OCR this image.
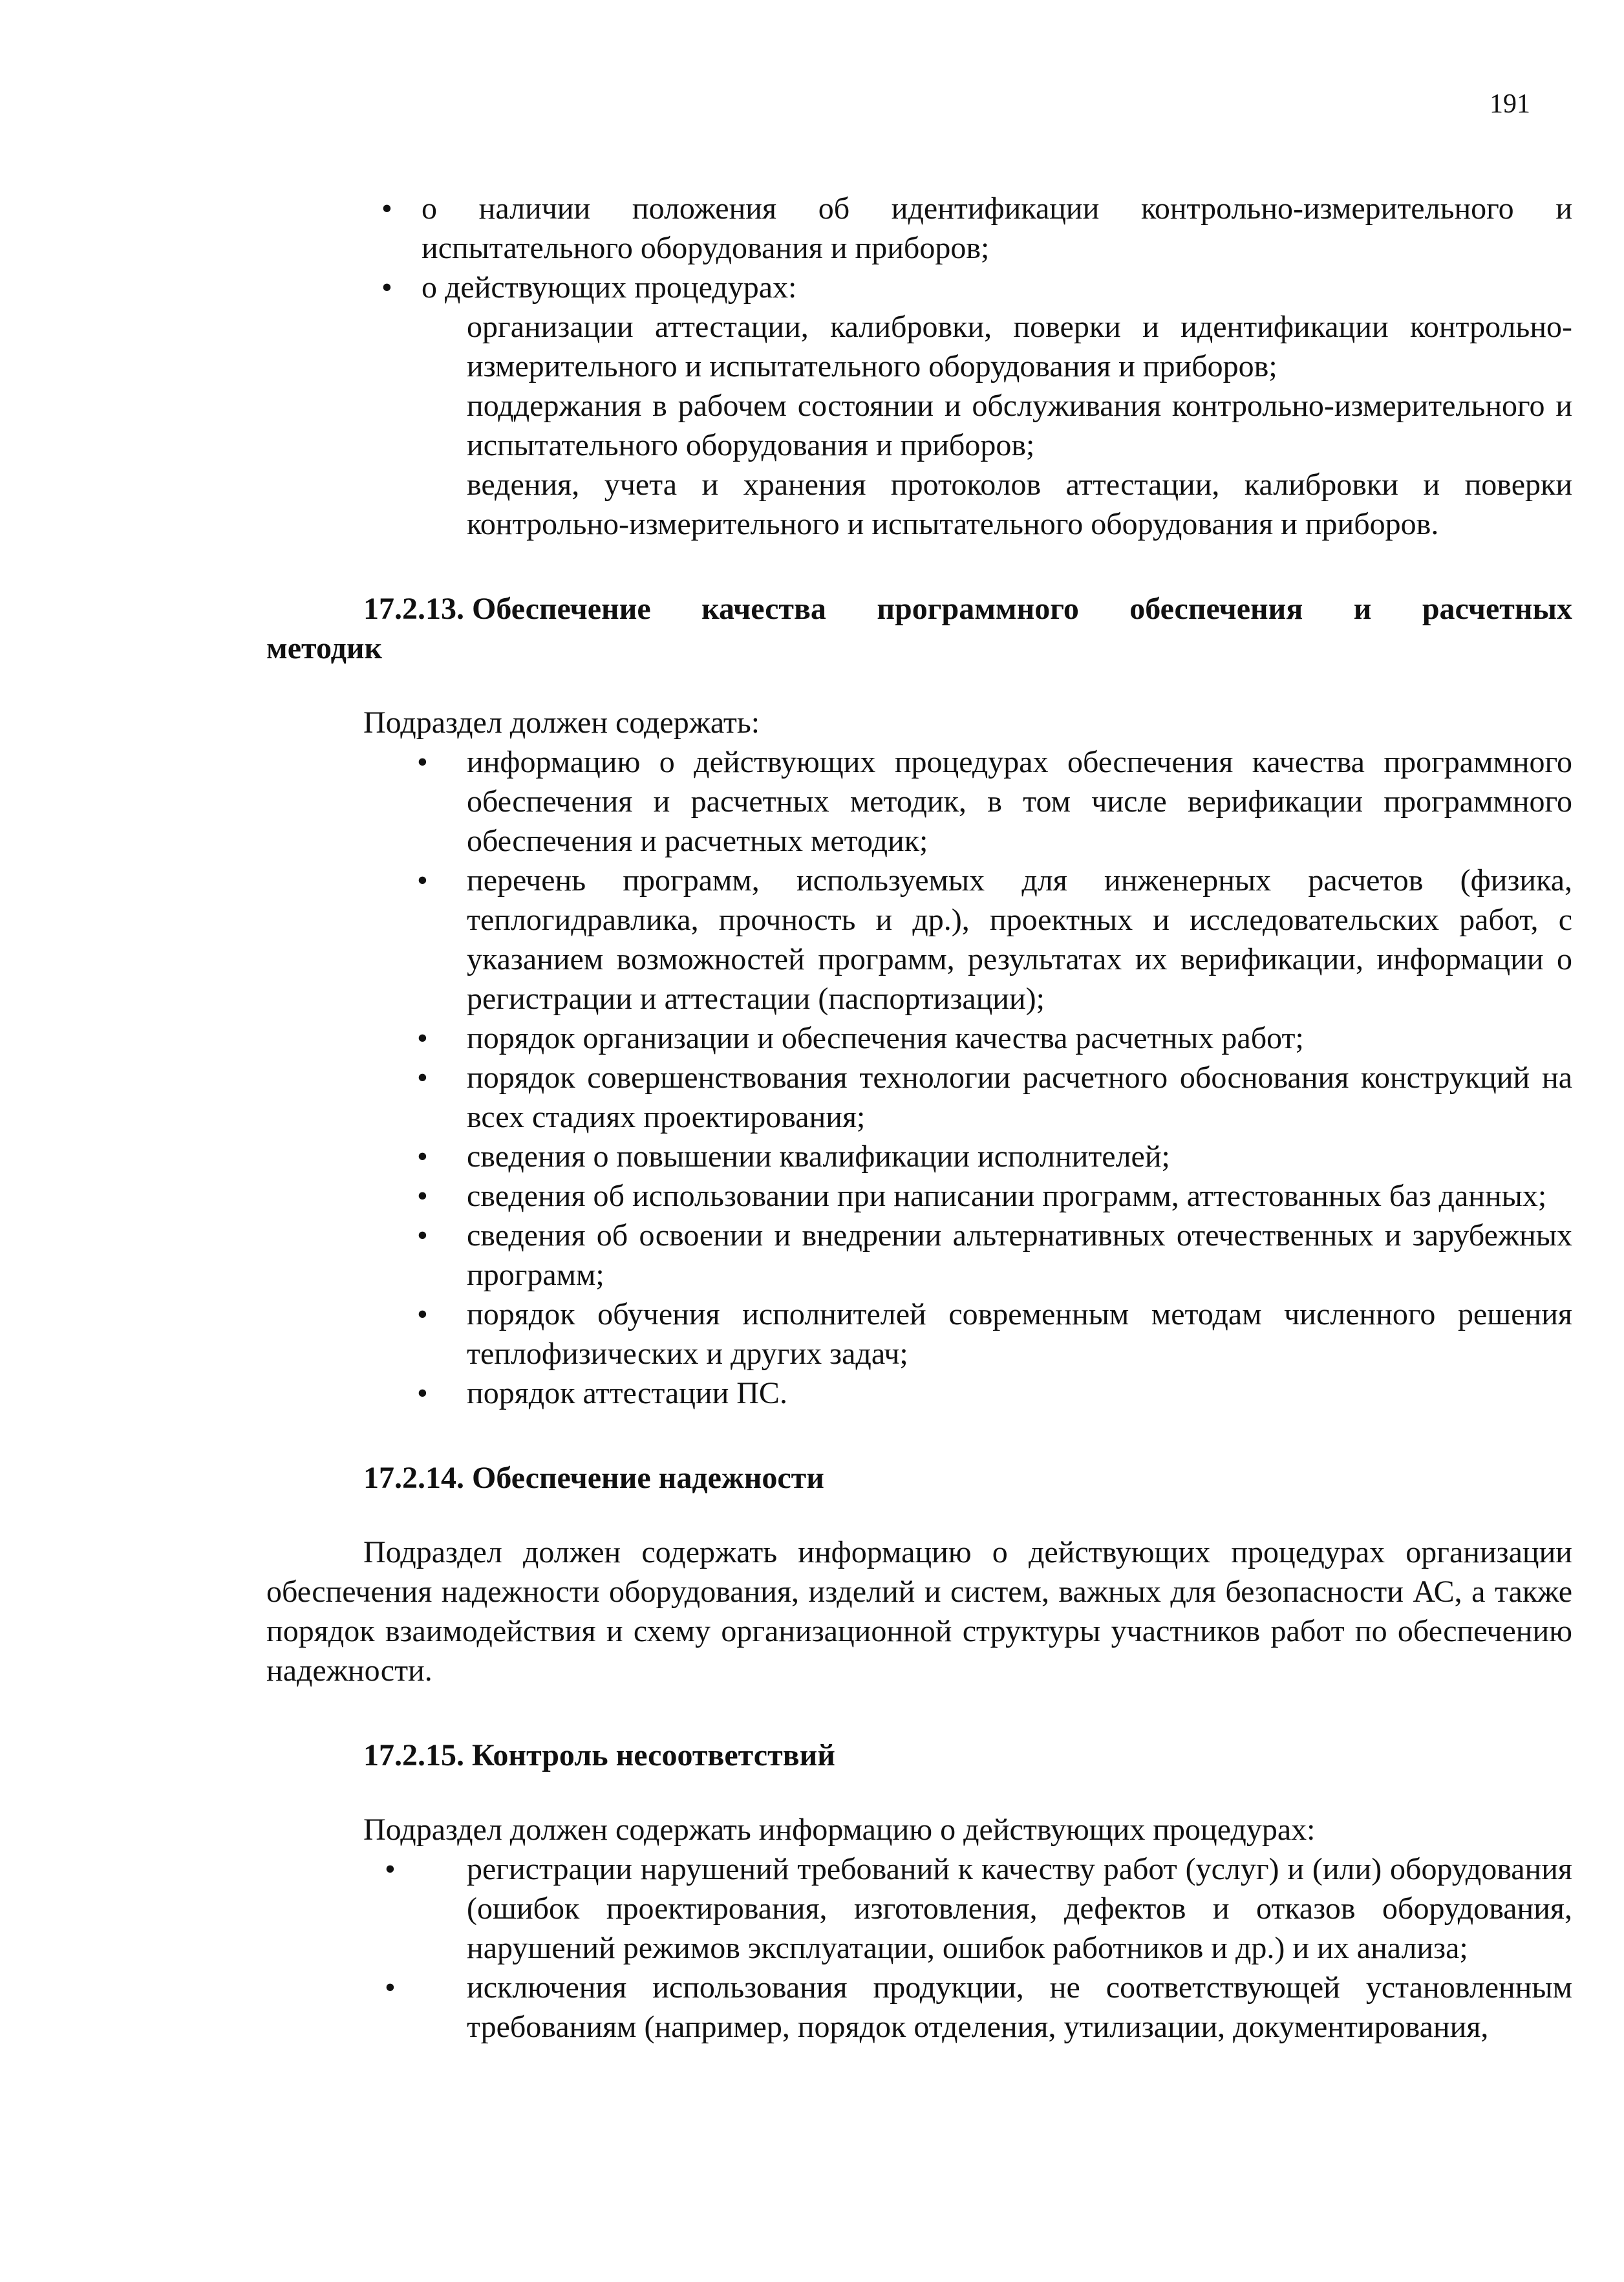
191
• о наличии положения об идентификации контрольно-измерительного и испытательного оборудования и приборов;
• о действующих процедурах:

организации аттестации, калибровки, поверки и идентификации контрольно-измерительного и испытательного оборудования и приборов;

поддержания в рабочем состоянии и обслуживания контрольно-измерительного и испытательного оборудования и приборов;

ведения, учета и хранения протоколов аттестации, калибровки и поверки контрольно-измерительного и испытательного оборудования и приборов.

17.2.13. Обеспечение качества программного обеспечения и расчетных
методик

Подраздел должен содержать:

• информацию о действующих процедурах обеспечения качества программного обеспечения и расчетных методик, в том числе верификации программного обеспечения и расчетных методик;
• перечень программ, используемых для инженерных расчетов (физика, теплогидравлика, прочность и др.), проектных и исследовательских работ, с указанием возможностей программ, результатах их верификации, информации о регистрации и аттестации (паспортизации);
• порядок организации и обеспечения качества расчетных работ;
• порядок совершенствования технологии расчетного обоснования конструкций на всех стадиях проектирования;
• сведения о повышении квалификации исполнителей;
• сведения об использовании при написании программ, аттестованных баз данных;
• сведения об освоении и внедрении альтернативных отечественных и зарубежных программ;
• порядок обучения исполнителей современным методам численного решения теплофизических и других задач;
• порядок аттестации ПС.

17.2.14. Обеспечение надежности

Подраздел должен содержать информацию о действующих процедурах организации обеспечения надежности оборудования, изделий и систем, важных для безопасности АС, а также порядок взаимодействия и схему организационной структуры участников работ по обеспечению надежности.

17.2.15. Контроль несоответствий

Подраздел должен содержать информацию о действующих процедурах:

• регистрации нарушений требований к качеству работ (услуг) и (или) оборудования (ошибок проектирования, изготовления, дефектов и отказов оборудования, нарушений режимов эксплуатации, ошибок работников и др.) и их анализа;
• исключения использования продукции, не соответствующей установленным требованиям (например, порядок отделения, утилизации, документирования,
